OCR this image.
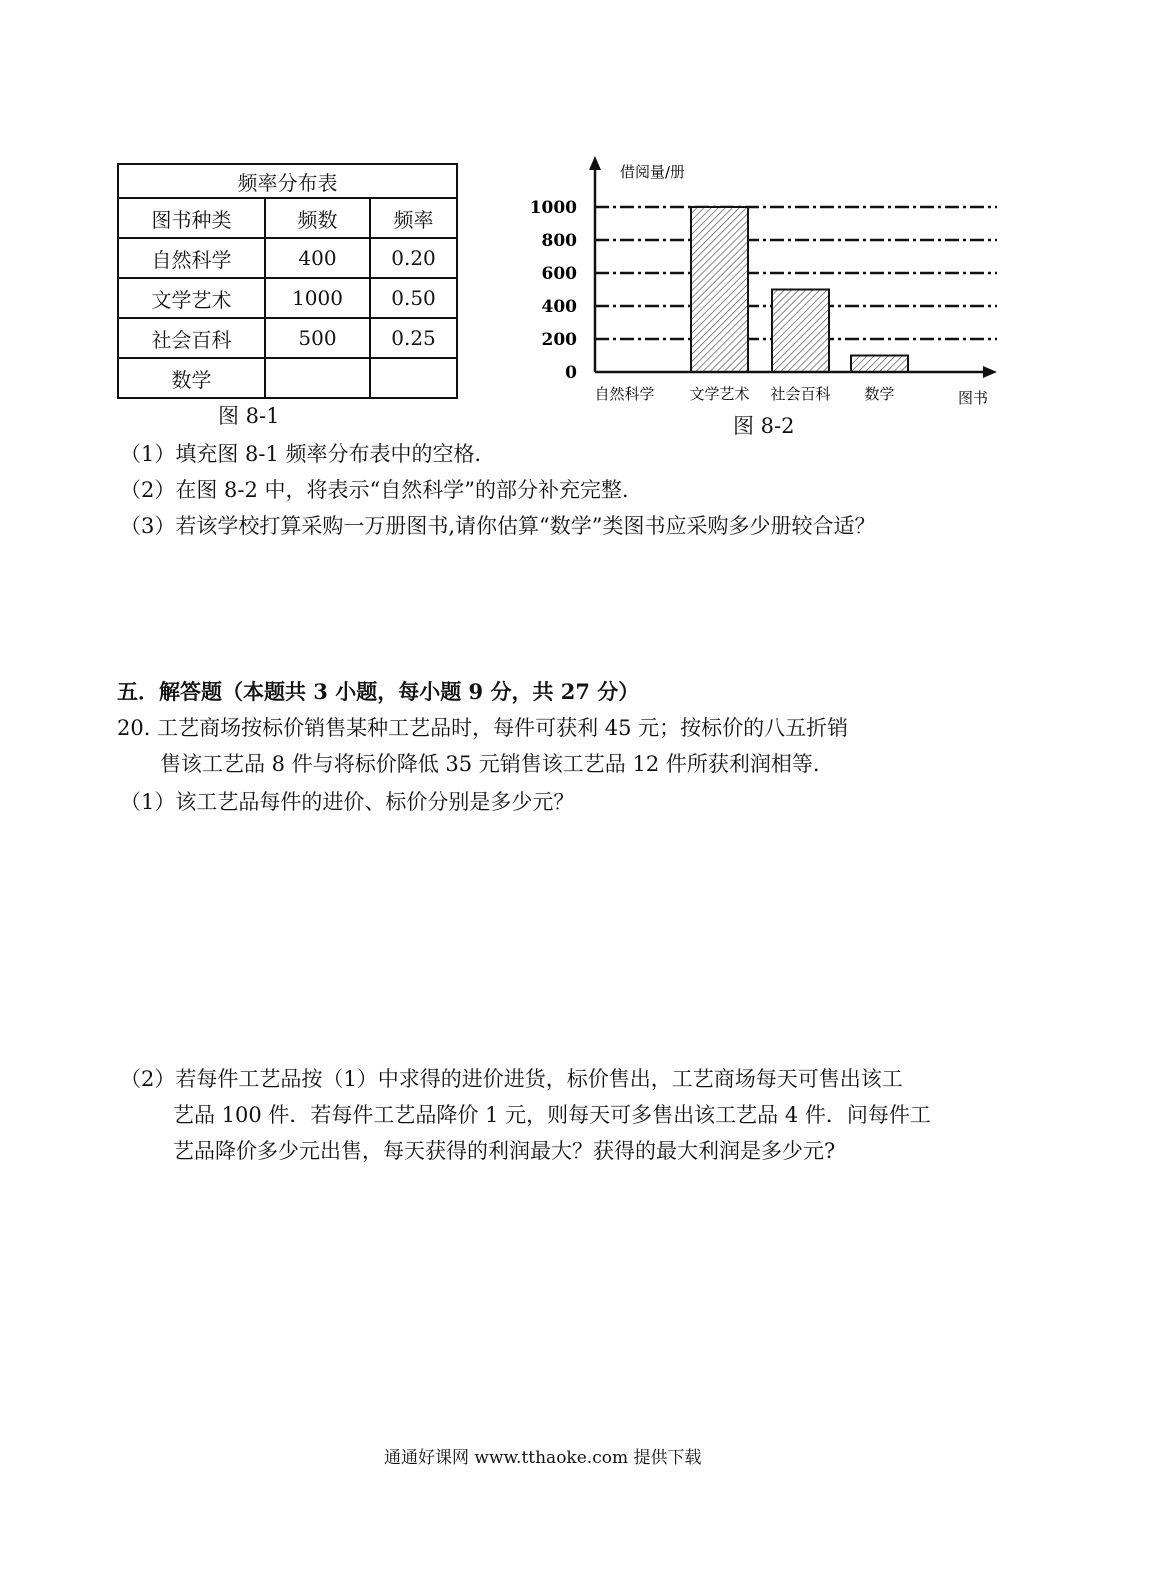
频率分布表		
图书种类	频数	频率
自然科学	400	0.20
文学艺术	1000	0.50
社会百科	500	0.25
数学		
图 8-1
借阅量/册
图书
0
200
400
600
800
1000
自然科学 文学艺术 社会百科 数学
图 8-2
（1）填充图 8-1 频率分布表中的空格．
（2）在图 8-2 中，将表示“自然科学”的部分补充完整．
（3）若该学校打算采购一万册图书,请你估算“数学”类图书应采购多少册较合适？
五．解答题（本题共 3 小题，每小题 9 分，共 27 分）
20. 工艺商场按标价销售某种工艺品时，每件可获利 45 元；按标价的八五折销
售该工艺品 8 件与将标价降低 35 元销售该工艺品 12 件所获利润相等.
（1）该工艺品每件的进价、标价分别是多少元？
（2）若每件工艺品按（1）中求得的进价进货，标价售出，工艺商场每天可售出该工
艺品 100 件．若每件工艺品降价 1 元，则每天可多售出该工艺品 4 件．问每件工
艺品降价多少元出售，每天获得的利润最大？获得的最大利润是多少元?
通通好课网 www.tthaoke.com 提供下载
